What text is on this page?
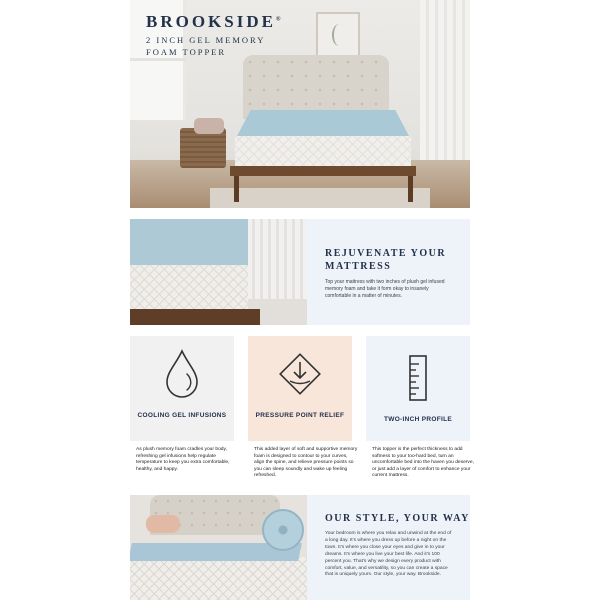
BROOKSIDE®
2 INCH GEL MEMORY FOAM TOPPER
REJUVENATE YOUR MATTRESS
Top your mattress with two inches of plush gel infused memory foam and take it form okay to insanely comfortable in a matter of minutes.
COOLING GEL INFUSIONS	PRESSURE POINT RELIEF
TWO-INCH PROFILE
As plush memory foam cradles your body, refreshing gel infusions help regulate temperature to keep you extra comfortable, healthy, and happy.
This added layer of soft and supportive memory foam is designed to contour to your curves, align the spine, and relieve pressure points so you can sleep soundly and wake up feeling refreshed.
This topper is the perfect thickness to add softness to your too-hard bed, turn an uncomfortable bed into the haven you deserve, or just add a layer of comfort to enhance your current mattress.
OUR STYLE, YOUR WAY
Your bedroom is where you relax and unwind at the end of a long day. It's where you dress up before a night on the town. It's where you close your eyes and give in to your dreams. It's where you live your best life. And it's 100 percent you. That's why we design every product with comfort, value, and versatility, so you can create a space that is uniquely yours. Our style, your way. Brookside.
